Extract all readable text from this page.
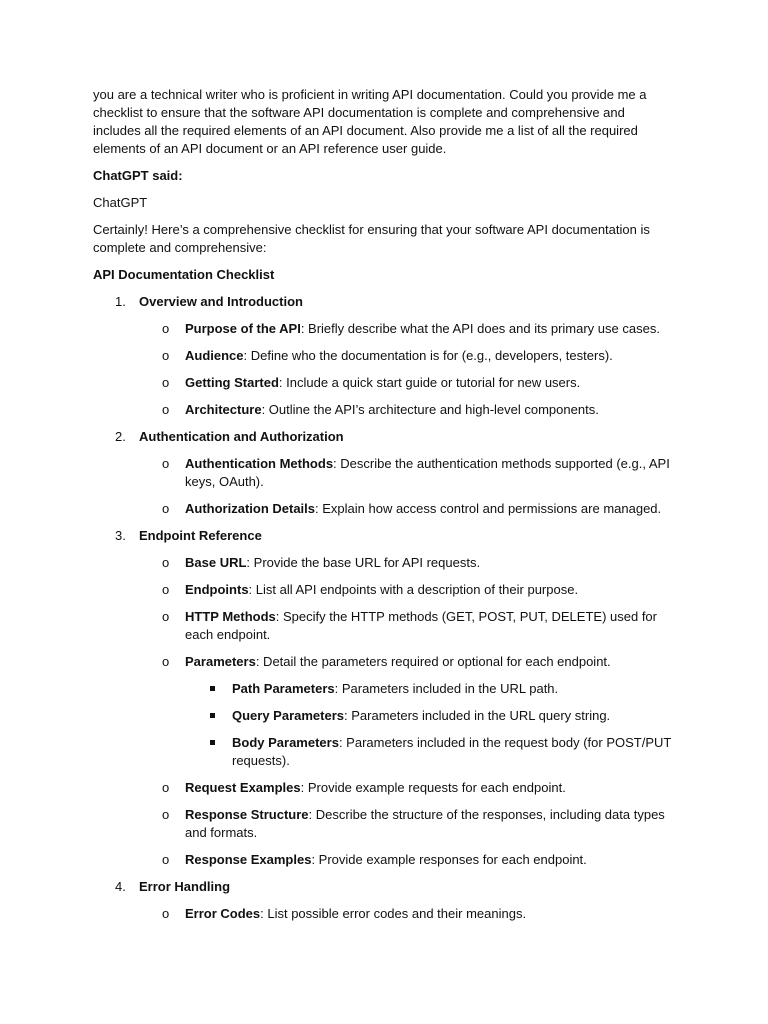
you are a technical writer who is proficient in writing API documentation. Could you provide me a checklist to ensure that the software API documentation is complete and comprehensive and includes all the required elements of an API document. Also provide me a list of all the required elements of an API document or an API reference user guide.

ChatGPT said:

ChatGPT

Certainly! Here’s a comprehensive checklist for ensuring that your software API documentation is complete and comprehensive:

API Documentation Checklist

1. Overview and Introduction
o Purpose of the API: Briefly describe what the API does and its primary use cases.
o Audience: Define who the documentation is for (e.g., developers, testers).
o Getting Started: Include a quick start guide or tutorial for new users.
o Architecture: Outline the API’s architecture and high-level components.
2. Authentication and Authorization
o Authentication Methods: Describe the authentication methods supported (e.g., API keys, OAuth).
o Authorization Details: Explain how access control and permissions are managed.
3. Endpoint Reference
o Base URL: Provide the base URL for API requests.
o Endpoints: List all API endpoints with a description of their purpose.
o HTTP Methods: Specify the HTTP methods (GET, POST, PUT, DELETE) used for each endpoint.
o Parameters: Detail the parameters required or optional for each endpoint.
Path Parameters: Parameters included in the URL path.
Query Parameters: Parameters included in the URL query string.
Body Parameters: Parameters included in the request body (for POST/PUT requests).
o Request Examples: Provide example requests for each endpoint.
o Response Structure: Describe the structure of the responses, including data types and formats.
o Response Examples: Provide example responses for each endpoint.
4. Error Handling
o Error Codes: List possible error codes and their meanings.
